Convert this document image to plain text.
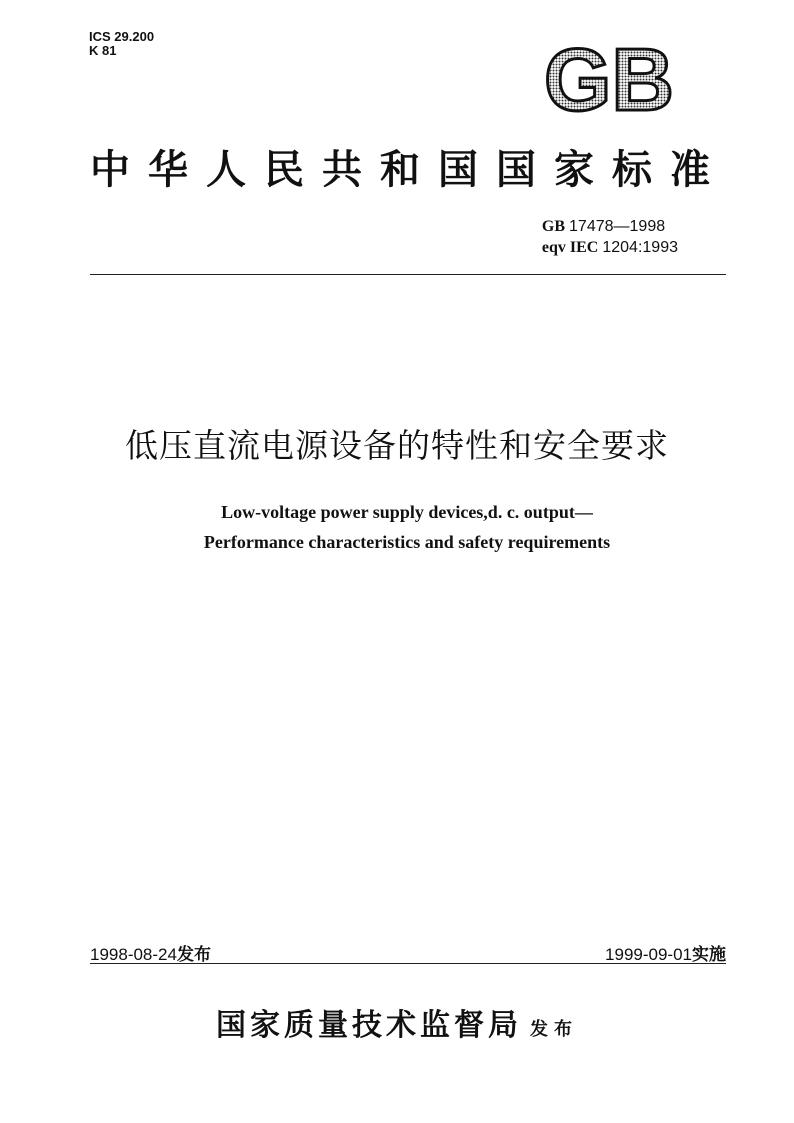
ICS 29.200
K 81	GB
中华人民共和国国家标准
GB 17478—1998
eqv IEC 1204:1993
低压直流电源设备的特性和安全要求
Low-voltage power supply devices,d. c. output—
Performance characteristics and safety requirements
1998-08-24发布	1999-09-01实施
国家质量技术监督局 发布
